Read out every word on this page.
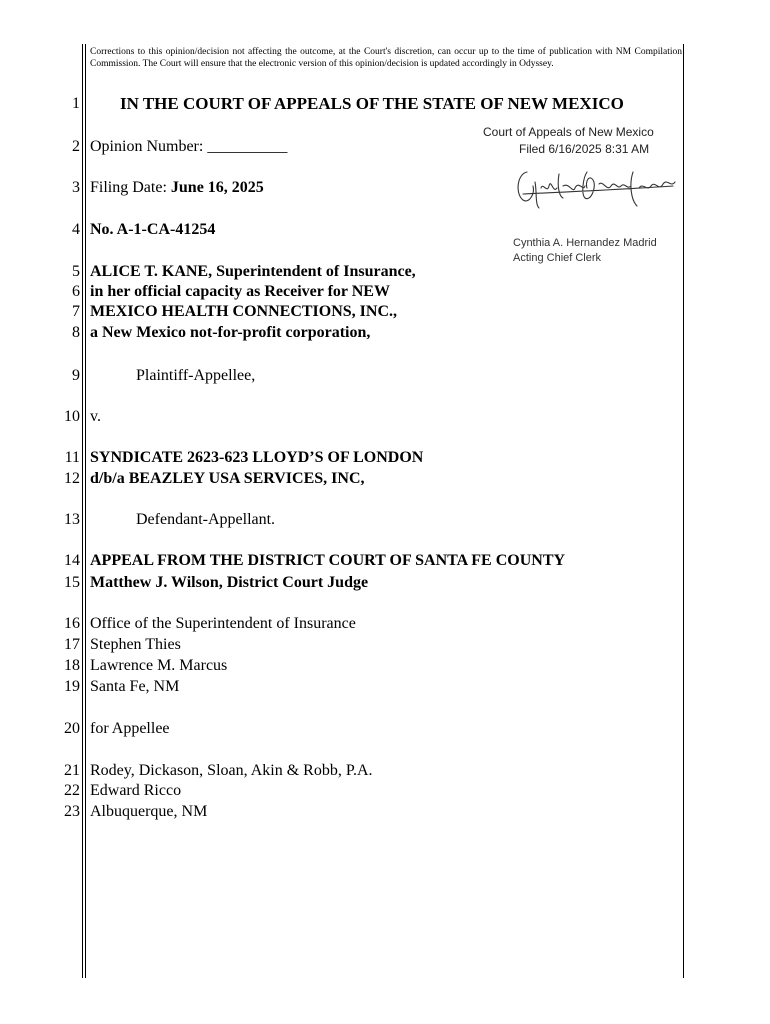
Corrections to this opinion/decision not affecting the outcome, at the Court's discretion, can occur up to the time of publication with NM Compilation Commission. The Court will ensure that the electronic version of this opinion/decision is updated accordingly in Odyssey.
1 IN THE COURT OF APPEALS OF THE STATE OF NEW MEXICO
2 Opinion Number: __________
3 Filing Date: June 16, 2025
4 No. A-1-CA-41254
5 ALICE T. KANE, Superintendent of Insurance,
6 in her official capacity as Receiver for NEW
7 MEXICO HEALTH CONNECTIONS, INC.,
8 a New Mexico not-for-profit corporation,
9	Plaintiff-Appellee,
10 v.
11 SYNDICATE 2623-623 LLOYD’S OF LONDON
12 d/b/a BEAZLEY USA SERVICES, INC,
13	Defendant-Appellant.
14 APPEAL FROM THE DISTRICT COURT OF SANTA FE COUNTY
15 Matthew J. Wilson, District Court Judge
16 Office of the Superintendent of Insurance
17 Stephen Thies
18 Lawrence M. Marcus
19 Santa Fe, NM
20 for Appellee
21 Rodey, Dickason, Sloan, Akin & Robb, P.A.
22 Edward Ricco
23 Albuquerque, NM
Court of Appeals of New Mexico
Filed 6/16/2025 8:31 AM
Cynthia A. Hernandez Madrid
Acting Chief Clerk
